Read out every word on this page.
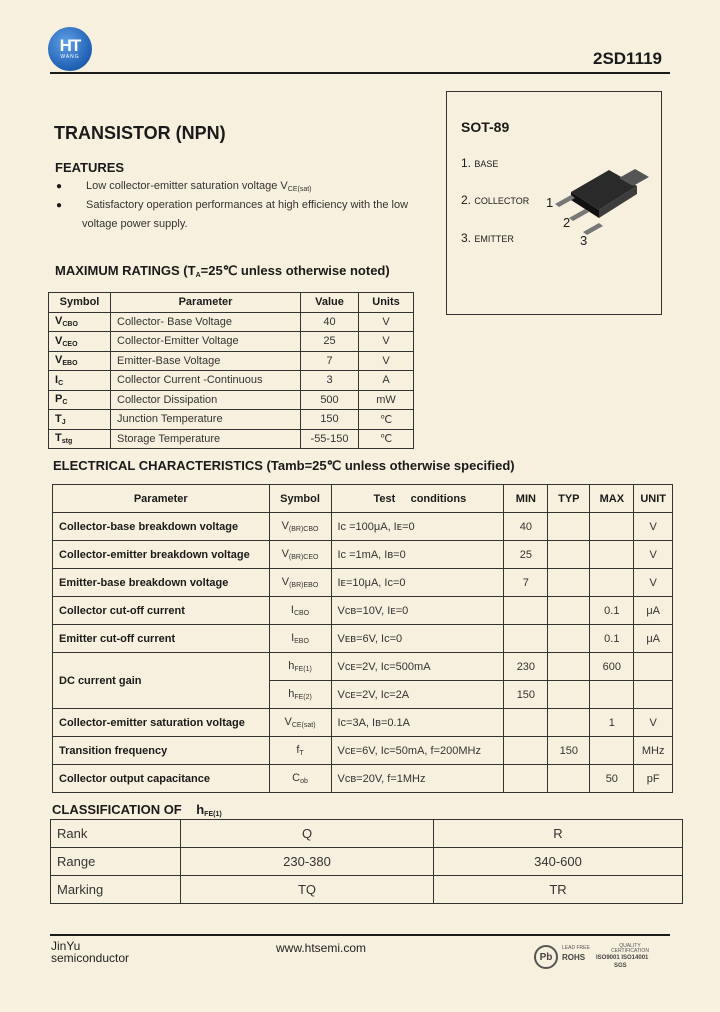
HT
WANG	2SD1119
TRANSISTOR (NPN)
FEATURES
● Low collector-emitter saturation voltage $V_{CE(sat)}$
● Satisfactory operation performances at high efficiency with the low
voltage power supply.
SOT-89
1. BASE
2. COLLECTOR
3. EMITTER
1
2
3
MAXIMUM RATINGS ($T_A=25℃$ unless otherwise noted)
Symbol	Parameter	Value	Units
$V_{CBO}$	Collector- Base Voltage	40	V
$V_{CEO}$	Collector-Emitter Voltage	25	V
$V_{EBO}$	Emitter-Base Voltage	7	V
$I_C$	Collector Current -Continuous	3	A
$P_C$	Collector Dissipation	500	mW
$T_J$	Junction Temperature	150	℃
$T_{stg}$	Storage Temperature	-55-150	℃
ELECTRICAL CHARACTERISTICS (Tamb=25℃ unless otherwise specified)
Parameter	Symbol	Test     conditions	MIN	TYP	MAX	UNIT
Collector-base breakdown voltage	$V_{(BR)CBO}$	Iᴄ =100μA, Iᴇ=0	40			V
Collector-emitter breakdown voltage	$V_{(BR)CEO}$	Iᴄ =1mA, Iʙ=0	25			V
Emitter-base breakdown voltage	$V_{(BR)EBO}$	Iᴇ=10μA, Iᴄ=0	7			V
Collector cut-off current	$I_{CBO}$	Vᴄʙ=10V, Iᴇ=0			0.1	μA
Emitter cut-off current	$I_{EBO}$	Vᴇʙ=6V, Iᴄ=0			0.1	μA
DC current gain	$h_{FE(1)}$	Vᴄᴇ=2V, Iᴄ=500mA	230		600	
	$h_{FE(2)}$	Vᴄᴇ=2V, Iᴄ=2A	150			
Collector-emitter saturation voltage	$V_{CE(sat)}$	Iᴄ=3A, Iʙ=0.1A			1	V
Transition frequency	$f_T$	Vᴄᴇ=6V, Iᴄ=50mA, f=200MHz		150		MHz
Collector output capacitance	$C_{ob}$	Vᴄʙ=20V, f=1MHz			50	pF
CLASSIFICATION OF $h_{FE(1)}$
Rank	Q	R
Range	230-380	340-600
Marking	TQ	TR
JinYu
semiconductor
www.htsemi.com
Pb
LEAD FREE
ROHS
QUALITY CERTIFICATION
ISO9001 ISO14001
SGS
